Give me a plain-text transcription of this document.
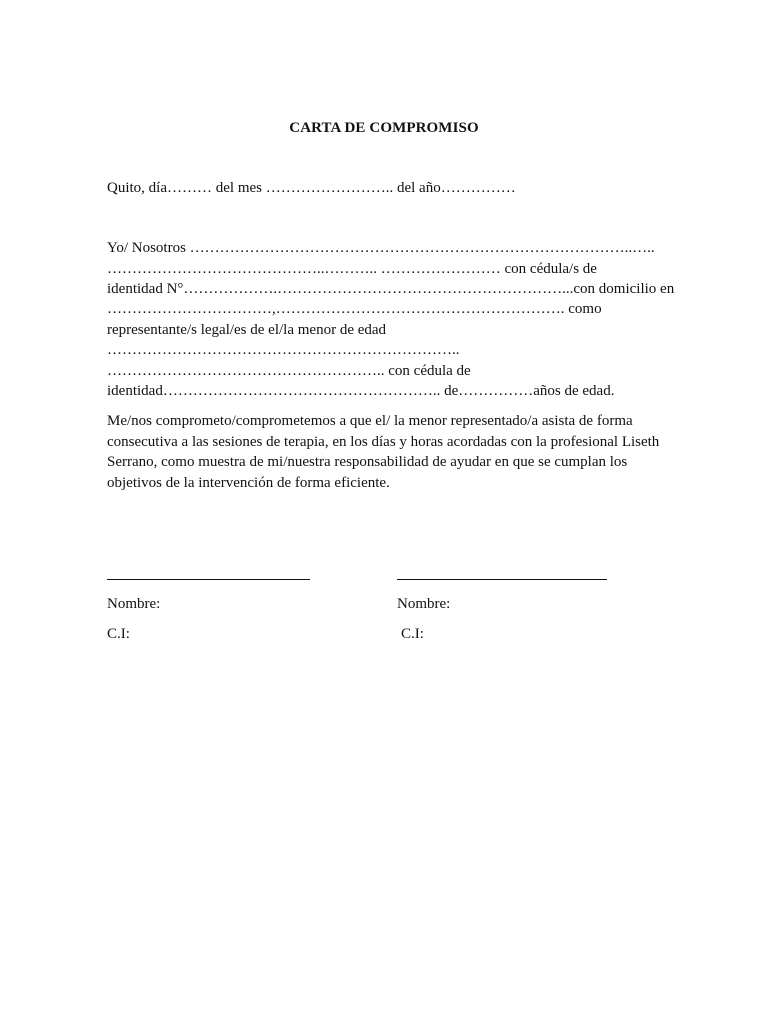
CARTA DE COMPROMISO
Quito, día……… del mes …………………….. del año……………
Yo/ Nosotros ……………………………………………………………………………..…..
……………………………………..……….. …………………… con cédula/s de
identidad N°……………….…………………………………………………...con domicilio en
……………………………,…………………………………………………. como
representante/s legal/es de el/la menor de edad
……………………………………………………………..
……………………………………………….. con cédula de
identidad……………………………………………….. de……………años de edad.
Me/nos comprometo/comprometemos a que el/ la menor representado/a asista de forma consecutiva a las sesiones de terapia, en los días y horas acordadas con la profesional Liseth Serrano, como muestra de mi/nuestra responsabilidad de ayudar en que se cumplan los objetivos de la intervención de forma eficiente.
Nombre:	Nombre:
C.I:	C.I:
